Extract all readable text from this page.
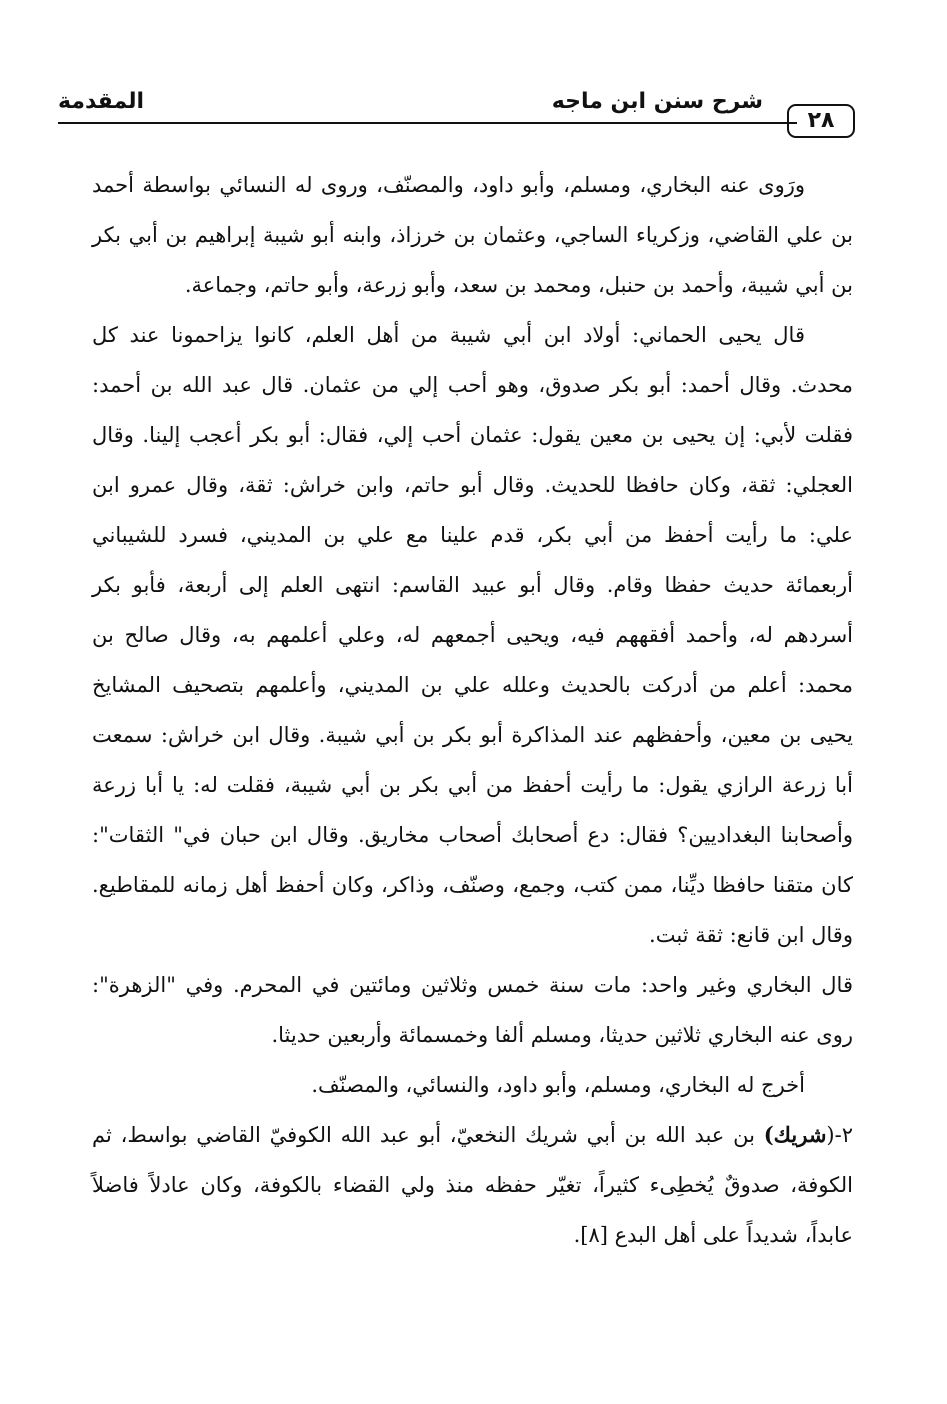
٢٨
شرح سنن ابن ماجه
المقدمة

ورَوى عنه البخاري، ومسلم، وأبو داود، والمصنّف، وروى له النسائي بواسطة أحمد بن علي القاضي، وزكرياء الساجي، وعثمان بن خرزاذ، وابنه أبو شيبة إبراهيم بن أبي بكر بن أبي شيبة، وأحمد بن حنبل، ومحمد بن سعد، وأبو زرعة، وأبو حاتم، وجماعة.

قال يحيى الحماني: أولاد ابن أبي شيبة من أهل العلم، كانوا يزاحمونا عند كل محدث. وقال أحمد: أبو بكر صدوق، وهو أحب إلي من عثمان. قال عبد الله بن أحمد: فقلت لأبي: إن يحيى بن معين يقول: عثمان أحب إلي، فقال: أبو بكر أعجب إلينا. وقال العجلي: ثقة، وكان حافظا للحديث. وقال أبو حاتم، وابن خراش: ثقة، وقال عمرو ابن علي: ما رأيت أحفظ من أبي بكر، قدم علينا مع علي بن المديني، فسرد للشيباني أربعمائة حديث حفظا وقام. وقال أبو عبيد القاسم: انتهى العلم إلى أربعة، فأبو بكر أسردهم له، وأحمد أفقههم فيه، ويحيى أجمعهم له، وعلي أعلمهم به، وقال صالح بن محمد: أعلم من أدركت بالحديث وعلله علي بن المديني، وأعلمهم بتصحيف المشايخ يحيى بن معين، وأحفظهم عند المذاكرة أبو بكر بن أبي شيبة. وقال ابن خراش: سمعت أبا زرعة الرازي يقول: ما رأيت أحفظ من أبي بكر بن أبي شيبة، فقلت له: يا أبا زرعة وأصحابنا البغداديين؟ فقال: دع أصحابك أصحاب مخاريق. وقال ابن حبان في" الثقات": كان متقنا حافظا ديِّنا، ممن كتب، وجمع، وصنّف، وذاكر، وكان أحفظ أهل زمانه للمقاطيع. وقال ابن قانع: ثقة ثبت.

قال البخاري وغير واحد: مات سنة خمس وثلاثين ومائتين في المحرم. وفي "الزهرة": روى عنه البخاري ثلاثين حديثا، ومسلم ألفا وخمسمائة وأربعين حديثا.

أخرج له البخاري، ومسلم، وأبو داود، والنسائي، والمصنّف.

٢-(شريك) بن عبد الله بن أبي شريك النخعيّ، أبو عبد الله الكوفيّ القاضي بواسط، ثم الكوفة، صدوقٌ يُخطِىء كثيراً، تغيّر حفظه منذ ولي القضاء بالكوفة، وكان عادلاً فاضلاً عابداً، شديداً على أهل البدع [٨].
